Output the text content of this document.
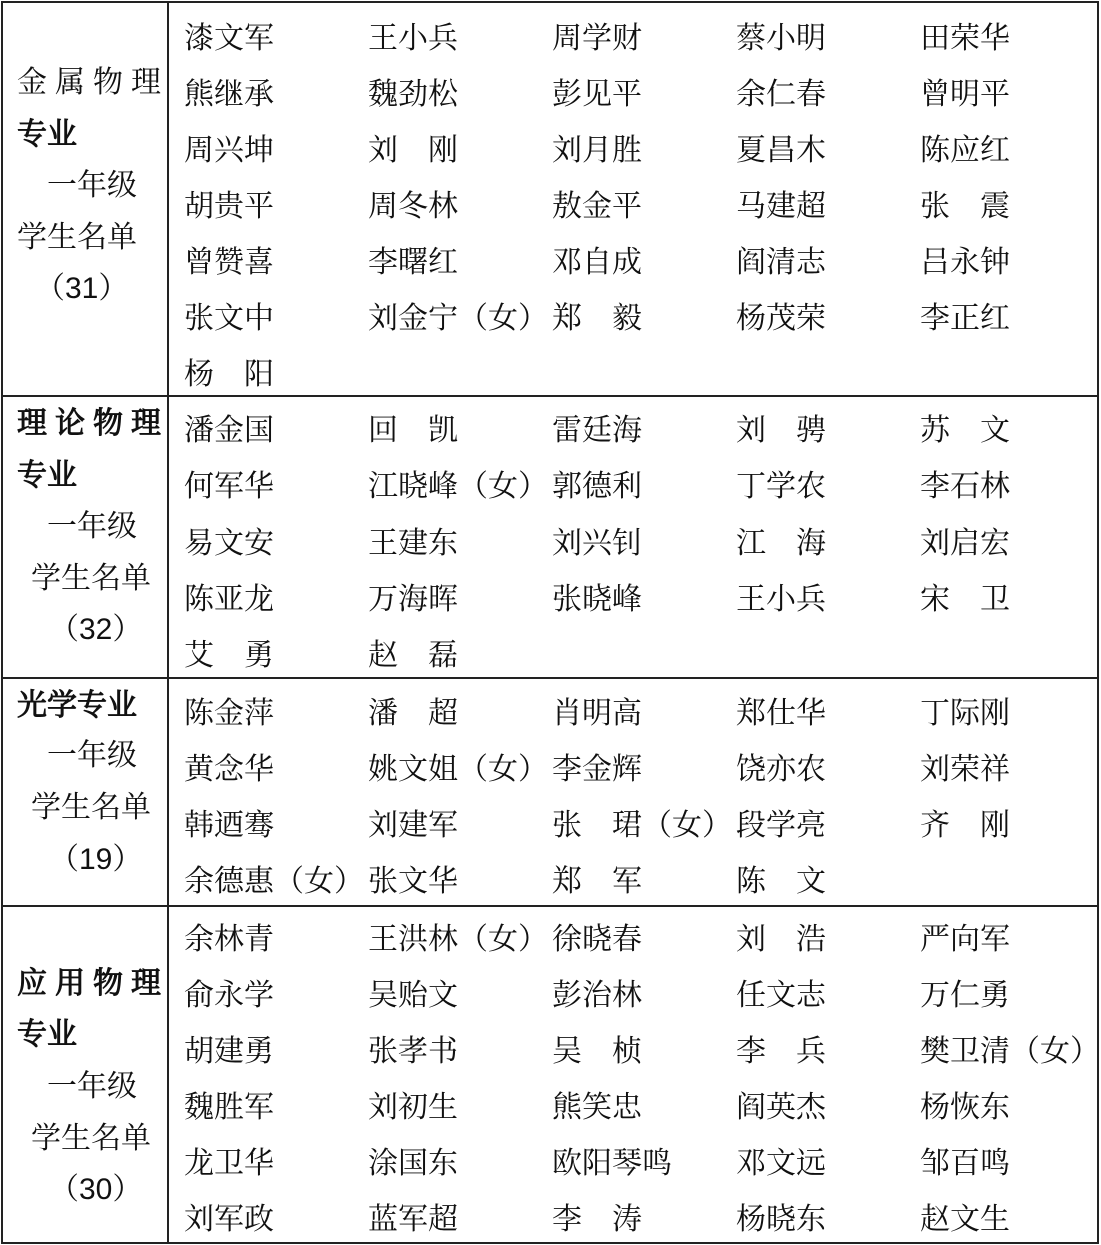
金属物理
专业
一年级
学生名单
（31）
漆文军	王小兵	周学财	蔡小明	田荣华
熊继承	魏劲松	彭见平	余仁春	曾明平
周兴坤	刘　刚	刘月胜	夏昌木	陈应红
胡贵平	周冬林	敖金平	马建超	张　震
曾赞喜	李曙红	邓自成	阎清志	吕永钟
张文中	刘金宁（女） 郑　毅	杨茂荣	李正红
杨　阳
理论物理
专业
一年级
学生名单
（32）
潘金国	回　凯	雷廷海	刘　骋	苏　文
何军华	江晓峰（女） 郭德利	丁学农	李石林
易文安	王建东	刘兴钊	江　海	刘启宏
陈亚龙	万海晖	张晓峰	王小兵	宋　卫
艾　勇	赵　磊
光学专业
一年级
学生名单
（19）
陈金萍	潘　超	肖明高	郑仕华	丁际刚
黄念华	姚文姐（女） 李金辉	饶亦农	刘荣祥
韩迺骞	刘建军	张　珺（女） 段学亮	齐　刚
余德惠（女） 张文华	郑　军	陈　文
应用物理
专业
一年级
学生名单
（30）
余林青	王洪林（女） 徐晓春	刘　浩	严向军
俞永学	吴贻文	彭治林	任文志	万仁勇
胡建勇	张孝书	吴　桢	李　兵	樊卫清（女）
魏胜军	刘初生	熊笑忠	阎英杰	杨恢东
龙卫华	涂国东	欧阳琴鸣 邓文远	邹百鸣
刘军政	蓝军超	李　涛	杨晓东	赵文生
